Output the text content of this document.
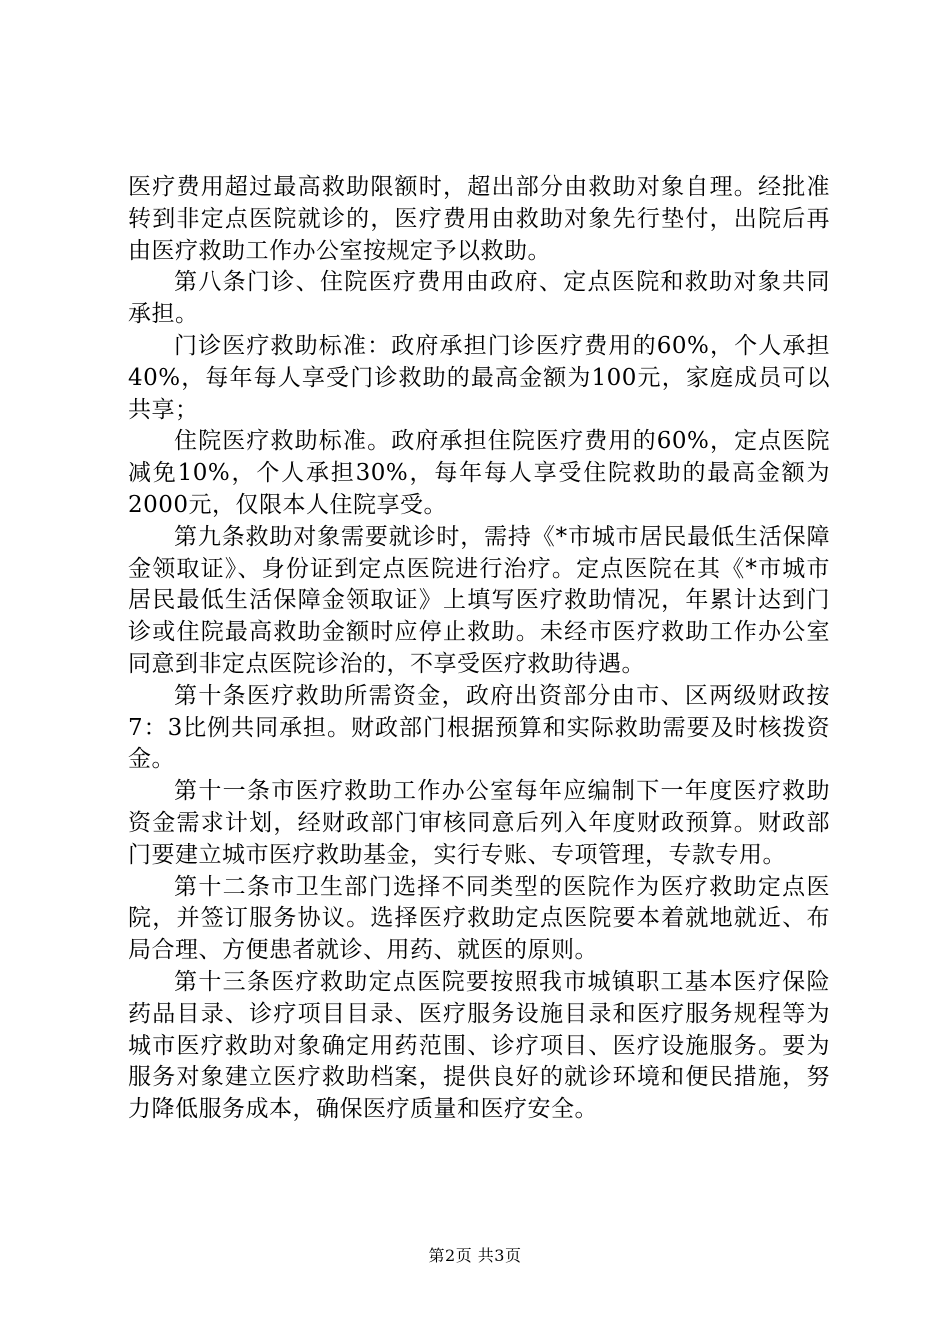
医疗费用超过最高救助限额时，超出部分由救助对象自理。经批准转到非定点医院就诊的，医疗费用由救助对象先行垫付，出院后再由医疗救助工作办公室按规定予以救助。

第八条门诊、住院医疗费用由政府、定点医院和救助对象共同承担。

门诊医疗救助标准：政府承担门诊医疗费用的60%，个人承担40%，每年每人享受门诊救助的最高金额为100元，家庭成员可以共享；

住院医疗救助标准。政府承担住院医疗费用的60%，定点医院减免10%，个人承担30%，每年每人享受住院救助的最高金额为2000元，仅限本人住院享受。

第九条救助对象需要就诊时，需持《*市城市居民最低生活保障金领取证》、身份证到定点医院进行治疗。定点医院在其《*市城市居民最低生活保障金领取证》上填写医疗救助情况，年累计达到门诊或住院最高救助金额时应停止救助。未经市医疗救助工作办公室同意到非定点医院诊治的，不享受医疗救助待遇。

第十条医疗救助所需资金，政府出资部分由市、区两级财政按7：3比例共同承担。财政部门根据预算和实际救助需要及时核拨资金。

第十一条市医疗救助工作办公室每年应编制下一年度医疗救助资金需求计划，经财政部门审核同意后列入年度财政预算。财政部门要建立城市医疗救助基金，实行专账、专项管理，专款专用。

第十二条市卫生部门选择不同类型的医院作为医疗救助定点医院，并签订服务协议。选择医疗救助定点医院要本着就地就近、布局合理、方便患者就诊、用药、就医的原则。

第十三条医疗救助定点医院要按照我市城镇职工基本医疗保险药品目录、诊疗项目目录、医疗服务设施目录和医疗服务规程等为城市医疗救助对象确定用药范围、诊疗项目、医疗设施服务。要为服务对象建立医疗救助档案，提供良好的就诊环境和便民措施，努力降低服务成本，确保医疗质量和医疗安全。

第2页 共3页
